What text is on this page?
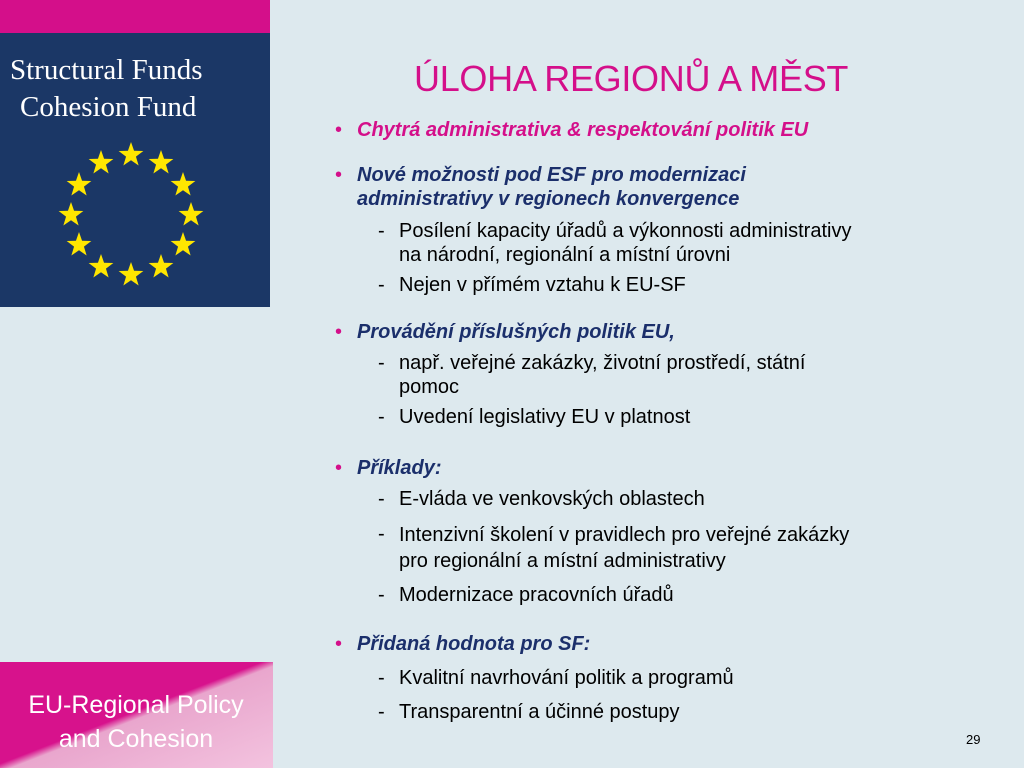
Structural Funds
Cohesion Fund
EU-Regional Policy
and Cohesion
ÚLOHA REGIONŮ A MĚST
• Chytrá administrativa & respektování politik EU
• Nové možnosti pod ESF pro modernizaci
administrativy v regionech konvergence
- Posílení kapacity úřadů a výkonnosti administrativy
na národní, regionální a místní úrovni
- Nejen v přímém vztahu k EU-SF
• Provádění příslušných politik EU,
- např. veřejné zakázky, životní prostředí, státní
pomoc
- Uvedení legislativy EU v platnost
• Příklady:
- E-vláda ve venkovských oblastech
- Intenzivní školení v pravidlech pro veřejné zakázky
pro regionální a místní administrativy
- Modernizace pracovních úřadů
• Přidaná hodnota pro SF:
- Kvalitní navrhování politik a programů
- Transparentní a účinné postupy
29
